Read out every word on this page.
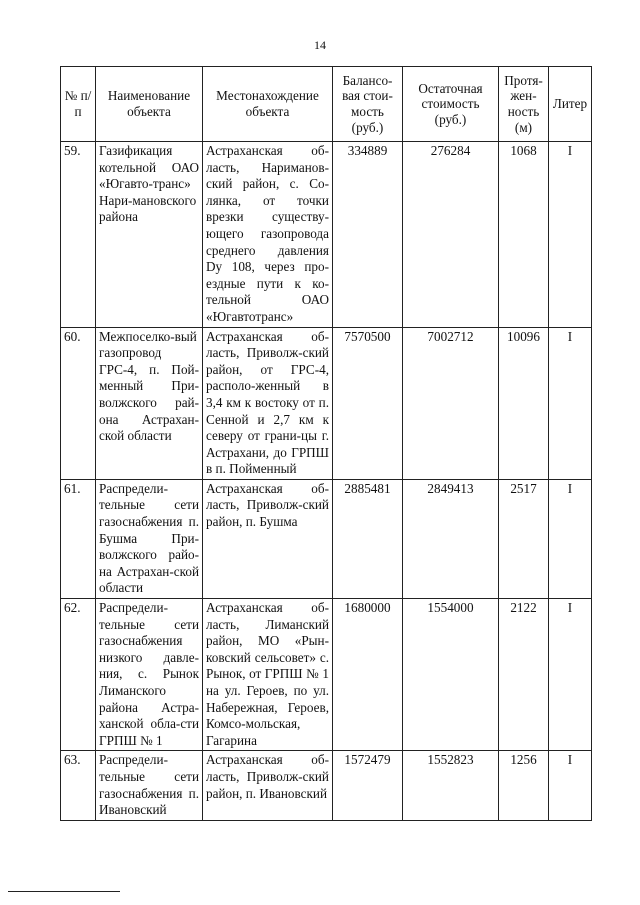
14
№ п/п	Наименование объекта	Местонахождение объекта	Балансо-вая стои-мость (руб.)	Остаточная стоимость (руб.)	Протя-жен-ность (м)	Литер
59.	Газификация котельной ОАО «Югавто-транс» Нари-мановского района	Астраханская об-ласть, Нариманов-ский район, с. Со-лянка, от точки врезки существу-ющего газопровода среднего давления Dy 108, через про-ездные пути к ко-тельной ОАО «Югавтотранс»	334889	276284	1068	I
60.	Межпоселко-вый газопровод ГРС-4, п. Пой-менный При-волжского рай-она Астрахан-ской области	Астраханская об-ласть, Приволж-ский район, от ГРС-4, располо-женный в 3,4 км к востоку от п. Сенной и 2,7 км к северу от грани-цы г. Астрахани, до ГРПШ в п. Пойменный	7570500	7002712	10096	I
61.	Распредели-тельные сети газоснабжения п. Бушма При-волжского райо-на Астрахан-ской области	Астраханская об-ласть, Приволж-ский район, п. Бушма	2885481	2849413	2517	I
62.	Распредели-тельные сети газоснабжения низкого давле-ния, с. Рынок Лиманского района Астра-ханской обла-сти ГРПШ № 1	Астраханская об-ласть, Лиманский район, МО «Рын-ковский сельсовет» с. Рынок, от ГРПШ № 1 на ул. Героев, по ул. Набережная, Героев, Комсо-мольская, Гагарина	1680000	1554000	2122	I
63.	Распредели-тельные сети газоснабжения п. Ивановский	Астраханская об-ласть, Приволж-ский район, п. Ивановский	1572479	1552823	1256	I
